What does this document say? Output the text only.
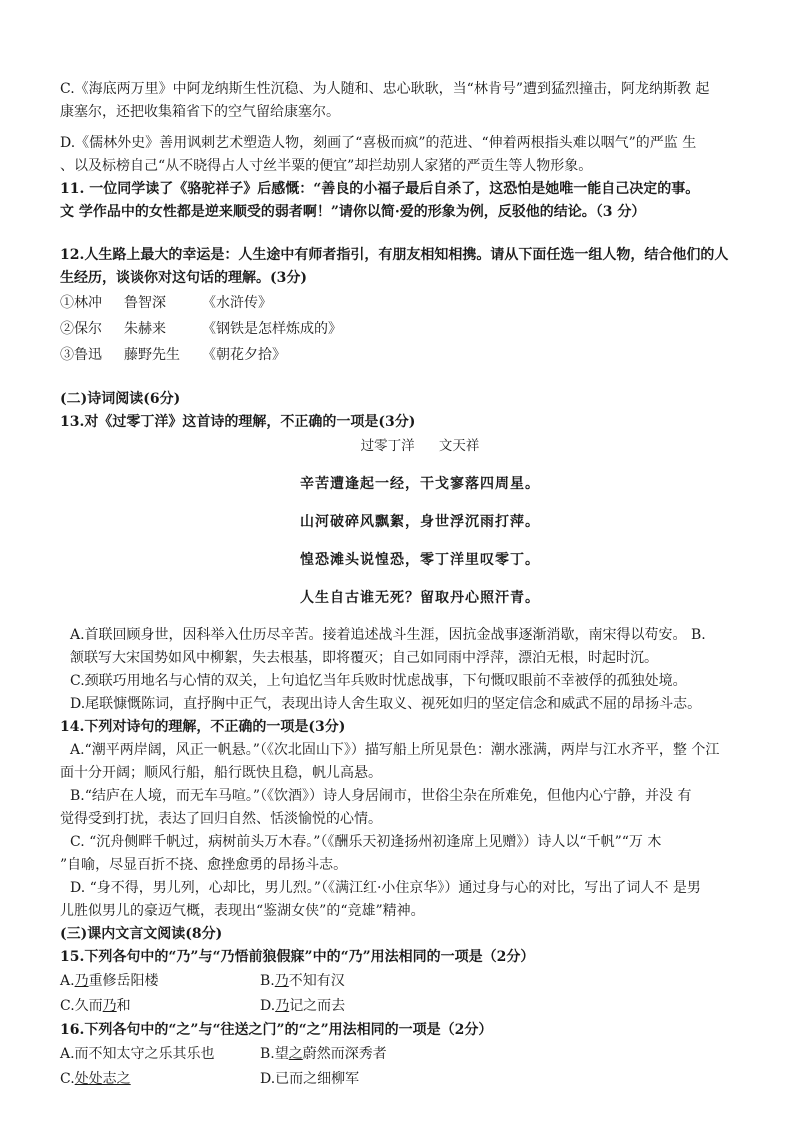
C.《海底两万里》中阿龙纳斯生性沉稳、为人随和、忠心耿耿，当“林肯号”遭到猛烈撞击，阿龙纳斯教 起

康塞尔，还把收集箱省下的空气留给康塞尔。

D.《儒林外史》善用讽刺艺术塑造人物，刻画了“喜极而疯”的范进、“伸着两根指头难以咽气”的严监 生

、以及标榜自己“从不晓得占人寸丝半粟的便宜”却拦劫别人家猪的严贡生等人物形象。

11. 一位同学读了《骆驼祥子》后感慨：“善良的小福子最后自杀了，这恐怕是她唯一能自己决定的事。

文 学作品中的女性都是逆来顺受的弱者啊！”请你以简·爱的形象为例，反驳他的结论。（3 分）

12.人生路上最大的幸运是：人生途中有师者指引，有朋友相知相携。请从下面任选一组人物，结合他们的人

生经历，谈谈你对这句话的理解。(3分)

①林冲	鲁智深	《水浒传》
②保尔	朱赫来	《钢铁是怎样炼成的》
③鲁迅	藤野先生	《朝花夕拾》

(二)诗词阅读(6分)

13.对《过零丁洋》这首诗的理解，不正确的一项是(3分)

过零丁洋 文天祥

辛苦遭逢起一经，干戈寥落四周星。

山河破碎风飘絮，身世浮沉雨打萍。

惶恐滩头说惶恐，零丁洋里叹零丁。

人生自古谁无死？留取丹心照汗青。

A.首联回顾身世，因科举入仕历尽辛苦。接着追述战斗生涯，因抗金战事逐渐消歇，南宋得以苟安。 B.

颔联写大宋国势如风中柳絮，失去根基，即将覆灭；自己如同雨中浮萍，漂泊无根，时起时沉。

C.颈联巧用地名与心情的双关，上句追忆当年兵败时忧虑战事，下句慨叹眼前不幸被俘的孤独处境。

D.尾联慷慨陈词，直抒胸中正气，表现出诗人舍生取义、视死如归的坚定信念和威武不屈的昂扬斗志。

14.下列对诗句的理解，不正确的一项是(3分)

A.“潮平两岸阔，风正一帆悬。”（《次北固山下》）描写船上所见景色：潮水涨满，两岸与江水齐平，整 个江

面十分开阔；顺风行船，船行既快且稳，帆儿高悬。

B.“结庐在人境，而无车马喧。”（《饮酒》）诗人身居闹市，世俗尘杂在所难免，但他内心宁静，并没 有

觉得受到打扰，表达了回归自然、恬淡愉悦的心情。

C. “沉舟侧畔千帆过，病树前头万木春。”（《酬乐天初逢扬州初逢席上见赠》）诗人以“千帆”“万 木

”自喻，尽显百折不挠、愈挫愈勇的昂扬斗志。

D. “身不得，男儿列，心却比，男儿烈。”（《满江红·小住京华》）通过身与心的对比，写出了词人不 是男

儿胜似男儿的豪迈气概，表现出“鉴湖女侠”的“竞雄”精神。

(三)课内文言文阅读(8分)

15.下列各句中的“乃”与“乃悟前狼假寐”中的“乃”用法相同的一项是（2分）

A.乃重修岳阳楼	B.乃不知有汉
C.久而乃和	D.乃记之而去

16.下列各句中的“之”与“往送之门”的“之”用法相同的一项是（2分）

A.而不知太守之乐其乐也	B.望之蔚然而深秀者
C.处处志之	D.已而之细柳军
